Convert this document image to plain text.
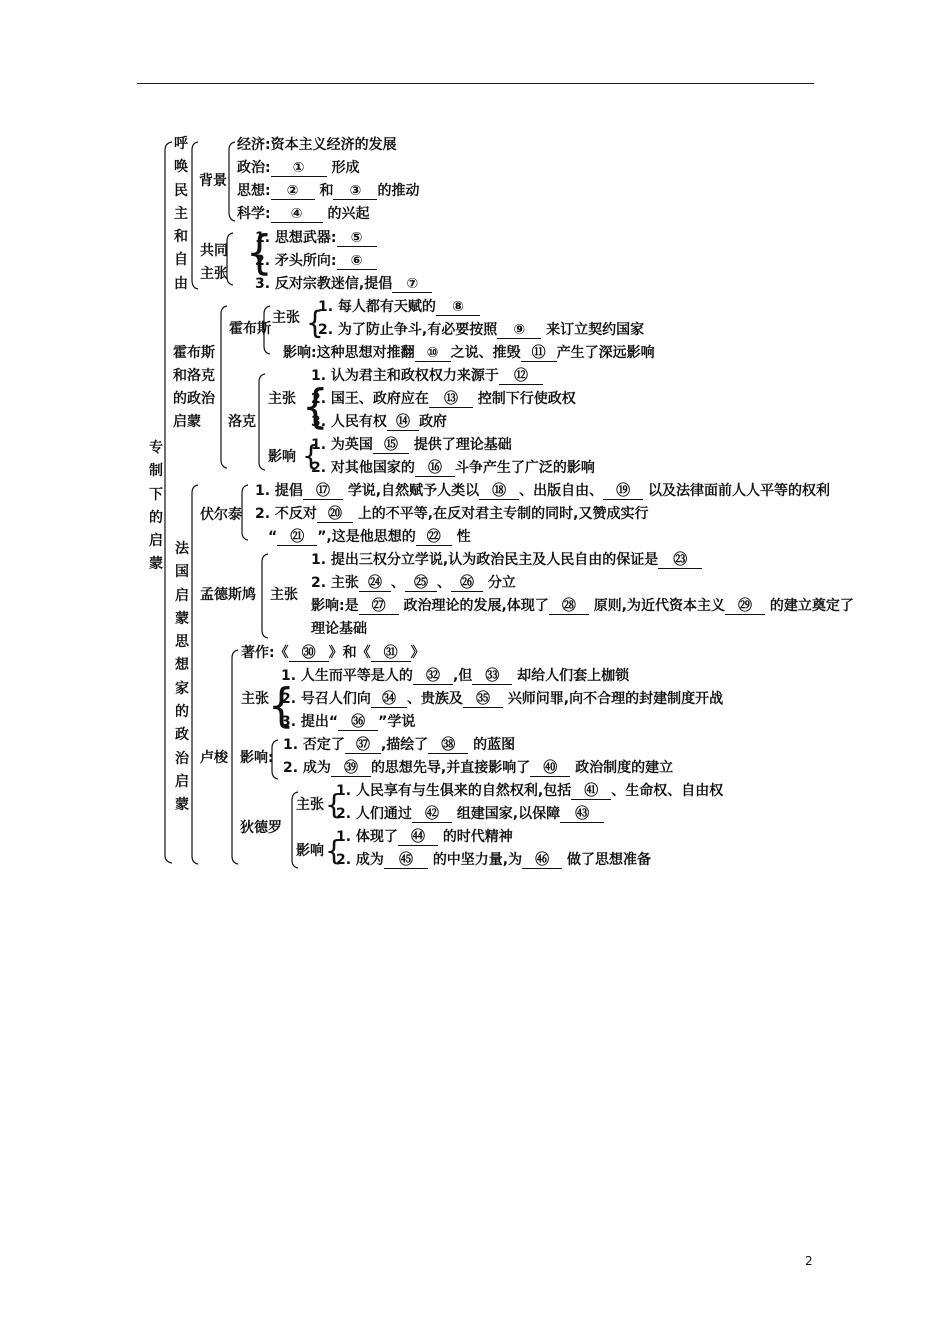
专制下的启蒙
呼唤民主和自由
法国启蒙思想家的政治启蒙
霍布斯和洛克的政治启蒙
{
{
{
{
{
{
{
背景
共同
主张
霍布斯
主张
洛克
主张
影响
伏尔泰
孟德斯鸠 主张
卢梭
主张
影响:
狄德罗
主张
影响
经济:资本主义经济的发展
政治: ① 形成
思想: ② 和 ③ 的推动
科学: ④ 的兴起
1. 思想武器: ⑤
2. 矛头所向: ⑥
3. 反对宗教迷信,提倡 ⑦
1. 每人都有天赋的 ⑧
2. 为了防止争斗,有必要按照 ⑨ 来订立契约国家
影响:这种思想对推翻 ⑩ 之说、推毁 ⑪ 产生了深远影响
1. 认为君主和政权权力来源于 ⑫
2. 国王、政府应在 ⑬ 控制下行使政权
3. 人民有权 ⑭ 政府
1. 为英国 ⑮ 提供了理论基础
2. 对其他国家的 ⑯ 斗争产生了广泛的影响
1. 提倡 ⑰ 学说,自然赋予人类以 ⑱ 、出版自由、 ⑲ 以及法律面前人人平等的权利
2. 不反对 ⑳ 上的不平等,在反对君主专制的同时,又赞成实行
“ ㉑ ”,这是他思想的 ㉒ 性
1. 提出三权分立学说,认为政治民主及人民自由的保证是 ㉓
2. 主张 ㉔ 、 ㉕ 、 ㉖ 分立
影响:是 ㉗ 政治理论的发展,体现了 ㉘ 原则,为近代资本主义 ㉙ 的建立奠定了
理论基础
著作:《 ㉚ 》和《 ㉛ 》
1. 人生而平等是人的 ㉜ ,但 ㉝ 却给人们套上枷锁
2. 号召人们向 ㉞ 、贵族及 ㉟ 兴师问罪,向不合理的封建制度开战
3. 提出“ ㊱ ”学说
1. 否定了 ㊲ ,描绘了 ㊳ 的蓝图
2. 成为 ㊴ 的思想先导,并直接影响了 ㊵ 政治制度的建立
1. 人民享有与生俱来的自然权利,包括 ㊶ 、生命权、自由权
2. 人们通过 ㊷ 组建国家,以保障 ㊸
1. 体现了 ㊹ 的时代精神
2. 成为 ㊺ 的中坚力量,为 ㊻ 做了思想准备
2
